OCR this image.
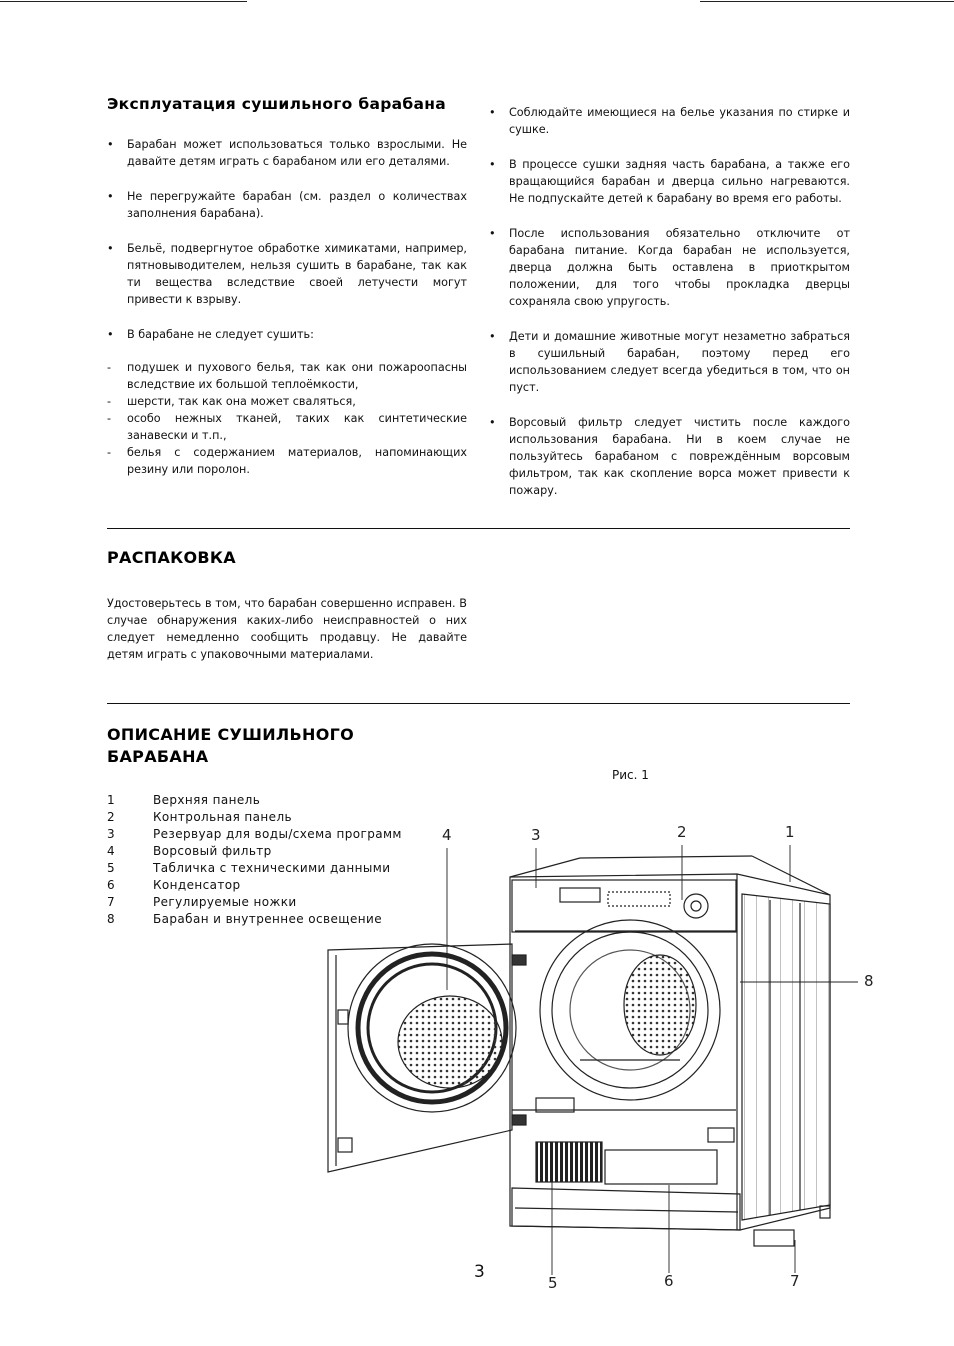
Эксплуатация сушильного барабана
• Барабан может использоваться только взрослыми. Не давайте детям играть с барабаном или его деталями.
• Не перегружайте барабан (см. раздел о количествах заполнения барабана).
• Бельё, подвергнутое обработке химикатами, например, пятновыводителем, нельзя сушить в барабане, так как ти вещества вследствие своей летучести могут привести к взрыву.
• В барабане не следует сушить:
- подушек и пухового белья, так как они пожароопасны вследствие их большой теплоёмкости,
- шерсти, так как она может сваляться,
- особо нежных тканей, таких как синтетические занавески и т.п.,
- белья с содержанием материалов, напоминающих резину или поролон.
• Соблюдайте имеющиеся на белье указания по стирке и сушке.
• В процессе сушки задняя часть барабана, а также его вращающийся барабан и дверца сильно нагреваются. Не подпускайте детей к барабану во время его работы.
• После использования обязательно отключите от барабана питание. Когда барабан не используется, дверца должна быть оставлена в приоткрытом положении, для того чтобы прокладка дверцы сохраняла свою упругость.
• Дети и домашние животные могут незаметно забраться в сушильный барабан, поэтому перед его использованием следует всегда убедиться в том, что он пуст.
• Ворсовый фильтр следует чистить после каждого использования барабана. Ни в коем случае не пользуйтесь барабаном с повреждённым ворсовым фильтром, так как скопление ворса может привести к пожару.
РАСПАКОВКА
Удостоверьтесь в том, что барабан совершенно исправен. В случае обнаружения каких-либо неисправностей о них следует немедленно сообщить продавцу. Не давайте детям играть с упаковочными материалами.
ОПИСАНИЕ СУШИЛЬНОГО
БАРАБАНА
Рис. 1
1	Верхняя панель
2	Контрольная панель
3	Резервуар для воды/схема программ
4	Ворсовый фильтр
5	Табличка с техническими данными
6	Конденсатор
7	Регулируемые ножки
8	Барабан и внутреннее освещение
1
2
3
4
5	6	7
8
3
